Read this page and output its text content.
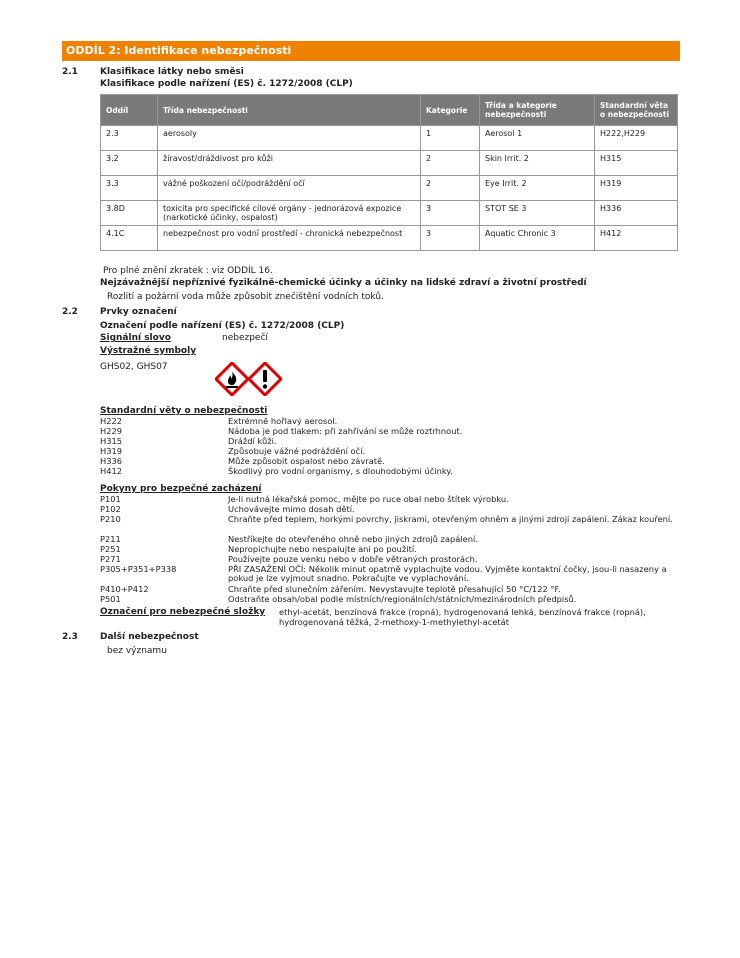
ODDÍL 2: Identifikace nebezpečnosti
2.1 Klasifikace látky nebo směsi
Klasifikace podle nařízení (ES) č. 1272/2008 (CLP)
Oddíl	Třída nebezpečnosti	Kategorie	Třída a kategorie nebezpečnosti	Standardní věta o nebezpečnosti
2.3	aerosoly	1	Aerosol 1	H222,H229
3.2	žíravost/dráždivost pro kůži	2	Skin Irrit. 2	H315
3.3	vážné poškození očí/podráždění očí	2	Eye Irrit. 2	H319
3.8D	toxicita pro specifické cílové orgány - jednorázová expozice (narkotické účinky, ospalost)	3	STOT SE 3	H336
4.1C	nebezpečnost pro vodní prostředí - chronická nebezpečnost	3	Aquatic Chronic 3	H412
Pro plné znění zkratek : viz ODDÍL 16.
Nejzávažnější nepříznivé fyzikálně-chemické účinky a účinky na lidské zdraví a životní prostředí
Rozlití a požární voda může způsobit znečištění vodních toků.
2.2 Prvky označení
Označení podle nařízení (ES) č. 1272/2008 (CLP)
Signální slovo	nebezpečí
Výstražné symboly
GHS02, GHS07
Standardní věty o nebezpečnosti
H222	Extrémně hořlavý aerosol.
H229	Nádoba je pod tlakem: při zahřívání se může roztrhnout.
H315	Dráždí kůži.
H319	Způsobuje vážné podráždění očí.
H336	Může způsobit ospalost nebo závratě.
H412	Škodlivý pro vodní organismy, s dlouhodobými účinky.
Pokyny pro bezpečné zacházení
P101	Je-li nutná lékařská pomoc, mějte po ruce obal nebo štítek výrobku.
P102	Uchovávejte mimo dosah dětí.
P210	Chraňte před teplem, horkými povrchy, jiskrami, otevřeným ohněm a jinými zdroji zapálení. Zákaz kouření.
P211	Nestříkejte do otevřeného ohně nebo jiných zdrojů zapálení.
P251	Nepropichujte nebo nespalujte ani po použití.
P271	Používejte pouze venku nebo v dobře větraných prostorách.
P305+P351+P338	PŘI ZASAŽENÍ OČÍ: Několik minut opatrně vyplachujte vodou. Vyjměte kontaktní čočky, jsou-li nasazeny a pokud je lze vyjmout snadno. Pokračujte ve vyplachování.
P410+P412	Chraňte před slunečním zářením. Nevystavujte teplotě přesahující 50 °C/122 °F.
P501	Odstraňte obsah/obal podle místních/regionálních/státních/mezinárodních předpisů.
Označení pro nebezpečné složky ethyl-acetát, benzínová frakce (ropná), hydrogenovaná lehká, benzínová frakce (ropná), hydrogenovaná těžká, 2-methoxy-1-methylethyl-acetát
2.3 Další nebezpečnost
bez významu
